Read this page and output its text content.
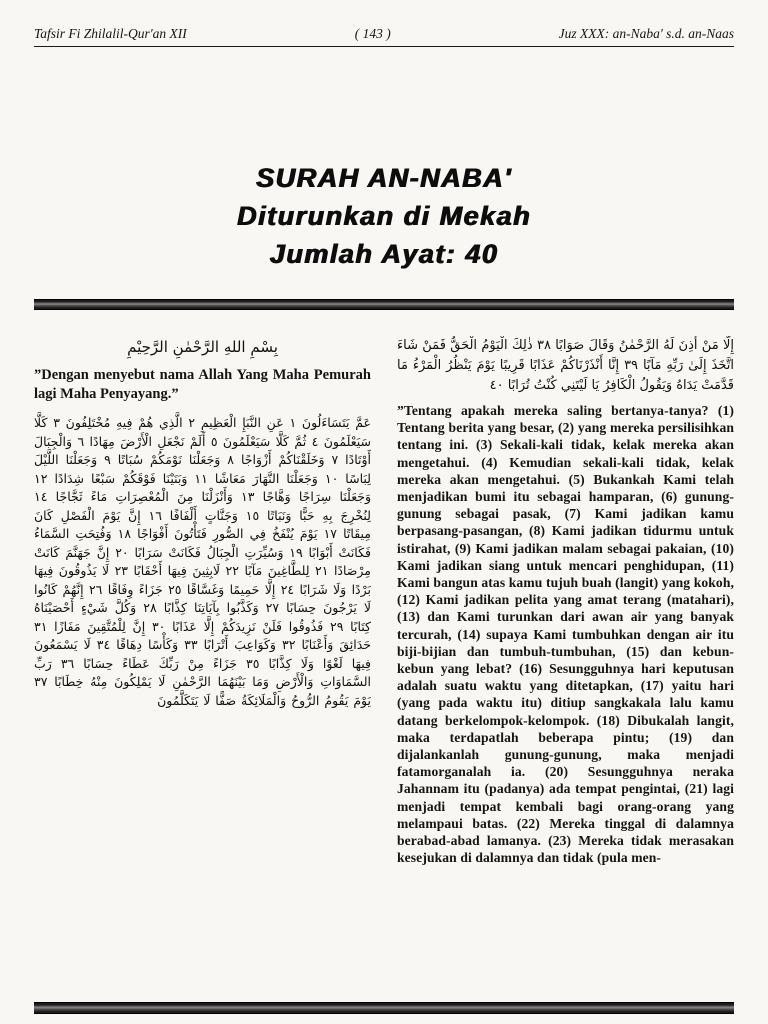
Tafsir Fi Zhilalil-Qur'an XII	( 143 )	Juz XXX: an-Naba' s.d. an-Naas
SURAH AN-NABA'
Diturunkan di Mekah
Jumlah Ayat: 40
بِسْمِ اللهِ الرَّحْمٰنِ الرَّحِيْمِ

”Dengan menyebut nama Allah Yang Maha Pemurah lagi Maha Penyayang.”

عَمَّ يَتَسَاءَلُونَ ١ عَنِ النَّبَإِ الْعَظِيمِ ٢ الَّذِي هُمْ فِيهِ مُخْتَلِفُونَ ٣ كَلَّا سَيَعْلَمُونَ ٤ ثُمَّ كَلَّا سَيَعْلَمُونَ ٥ أَلَمْ نَجْعَلِ الْأَرْضَ مِهَادًا ٦ وَالْجِبَالَ أَوْتَادًا ٧ وَخَلَقْنَاكُمْ أَزْوَاجًا ٨ وَجَعَلْنَا نَوْمَكُمْ سُبَاتًا ٩ وَجَعَلْنَا اللَّيْلَ لِبَاسًا ١٠ وَجَعَلْنَا النَّهَارَ مَعَاشًا ١١ وَبَنَيْنَا فَوْقَكُمْ سَبْعًا شِدَادًا ١٢ وَجَعَلْنَا سِرَاجًا وَهَّاجًا ١٣ وَأَنْزَلْنَا مِنَ الْمُعْصِرَاتِ مَاءً ثَجَّاجًا ١٤ لِنُخْرِجَ بِهِ حَبًّا وَنَبَاتًا ١٥ وَجَنَّاتٍ أَلْفَافًا ١٦ إِنَّ يَوْمَ الْفَصْلِ كَانَ مِيقَاتًا ١٧ يَوْمَ يُنْفَخُ فِي الصُّورِ فَتَأْتُونَ أَفْوَاجًا ١٨ وَفُتِحَتِ السَّمَاءُ فَكَانَتْ أَبْوَابًا ١٩ وَسُيِّرَتِ الْجِبَالُ فَكَانَتْ سَرَابًا ٢٠ إِنَّ جَهَنَّمَ كَانَتْ مِرْصَادًا ٢١ لِلطَّاغِينَ مَآبًا ٢٢ لَابِثِينَ فِيهَا أَحْقَابًا ٢٣ لَا يَذُوقُونَ فِيهَا بَرْدًا وَلَا شَرَابًا ٢٤ إِلَّا حَمِيمًا وَغَسَّاقًا ٢٥ جَزَاءً وِفَاقًا ٢٦ إِنَّهُمْ كَانُوا لَا يَرْجُونَ حِسَابًا ٢٧ وَكَذَّبُوا بِآيَاتِنَا كِذَّابًا ٢٨ وَكُلَّ شَيْءٍ أَحْصَيْنَاهُ كِتَابًا ٢٩ فَذُوقُوا فَلَنْ نَزِيدَكُمْ إِلَّا عَذَابًا ٣٠ إِنَّ لِلْمُتَّقِينَ مَفَازًا ٣١ حَدَائِقَ وَأَعْنَابًا ٣٢ وَكَوَاعِبَ أَتْرَابًا ٣٣ وَكَأْسًا دِهَاقًا ٣٤ لَا يَسْمَعُونَ فِيهَا لَغْوًا وَلَا كِذَّابًا ٣٥ جَزَاءً مِنْ رَبِّكَ عَطَاءً حِسَابًا ٣٦ رَبِّ السَّمَاوَاتِ وَالْأَرْضِ وَمَا بَيْنَهُمَا الرَّحْمٰنِ لَا يَمْلِكُونَ مِنْهُ خِطَابًا ٣٧ يَوْمَ يَقُومُ الرُّوحُ وَالْمَلَائِكَةُ صَفًّا لَا يَتَكَلَّمُونَ
إِلَّا مَنْ أَذِنَ لَهُ الرَّحْمٰنُ وَقَالَ صَوَابًا ٣٨ ذٰلِكَ الْيَوْمُ الْحَقُّ فَمَنْ شَاءَ اتَّخَذَ إِلَىٰ رَبِّهِ مَآبًا ٣٩ إِنَّا أَنْذَرْنَاكُمْ عَذَابًا قَرِيبًا يَوْمَ يَنْظُرُ الْمَرْءُ مَا قَدَّمَتْ يَدَاهُ وَيَقُولُ الْكَافِرُ يَا لَيْتَنِي كُنْتُ تُرَابًا ٤٠

”Tentang apakah mereka saling bertanya-tanya? (1) Tentang berita yang besar, (2) yang mereka persilisihkan tentang ini. (3) Sekali-kali tidak, kelak mereka akan mengetahui. (4) Kemudian sekali-kali tidak, kelak mereka akan mengetahui. (5) Bukankah Kami telah menjadikan bumi itu sebagai hamparan, (6) gunung-gunung sebagai pasak, (7) Kami jadikan kamu berpasang-pasangan, (8) Kami jadikan tidurmu untuk istirahat, (9) Kami jadikan malam sebagai pakaian, (10) Kami jadikan siang untuk mencari penghidupan, (11) Kami bangun atas kamu tujuh buah (langit) yang kokoh, (12) Kami jadikan pelita yang amat terang (matahari), (13) dan Kami turunkan dari awan air yang banyak tercurah, (14) supaya Kami tumbuhkan dengan air itu biji-bijian dan tumbuh-tumbuhan, (15) dan kebun-kebun yang lebat? (16) Sesungguhnya hari keputusan adalah suatu waktu yang ditetapkan, (17) yaitu hari (yang pada waktu itu) ditiup sangkakala lalu kamu datang berkelompok-kelompok. (18) Dibukalah langit, maka terdapatlah beberapa pintu; (19) dan dijalankanlah gunung-gunung, maka menjadi fatamorganalah ia. (20) Sesungguhnya neraka Jahannam itu (padanya) ada tempat pengintai, (21) lagi menjadi tempat kembali bagi orang-orang yang melampaui batas. (22) Mereka tinggal di dalamnya berabad-abad lamanya. (23) Mereka tidak merasakan kesejukan di dalamnya dan tidak (pula men-
